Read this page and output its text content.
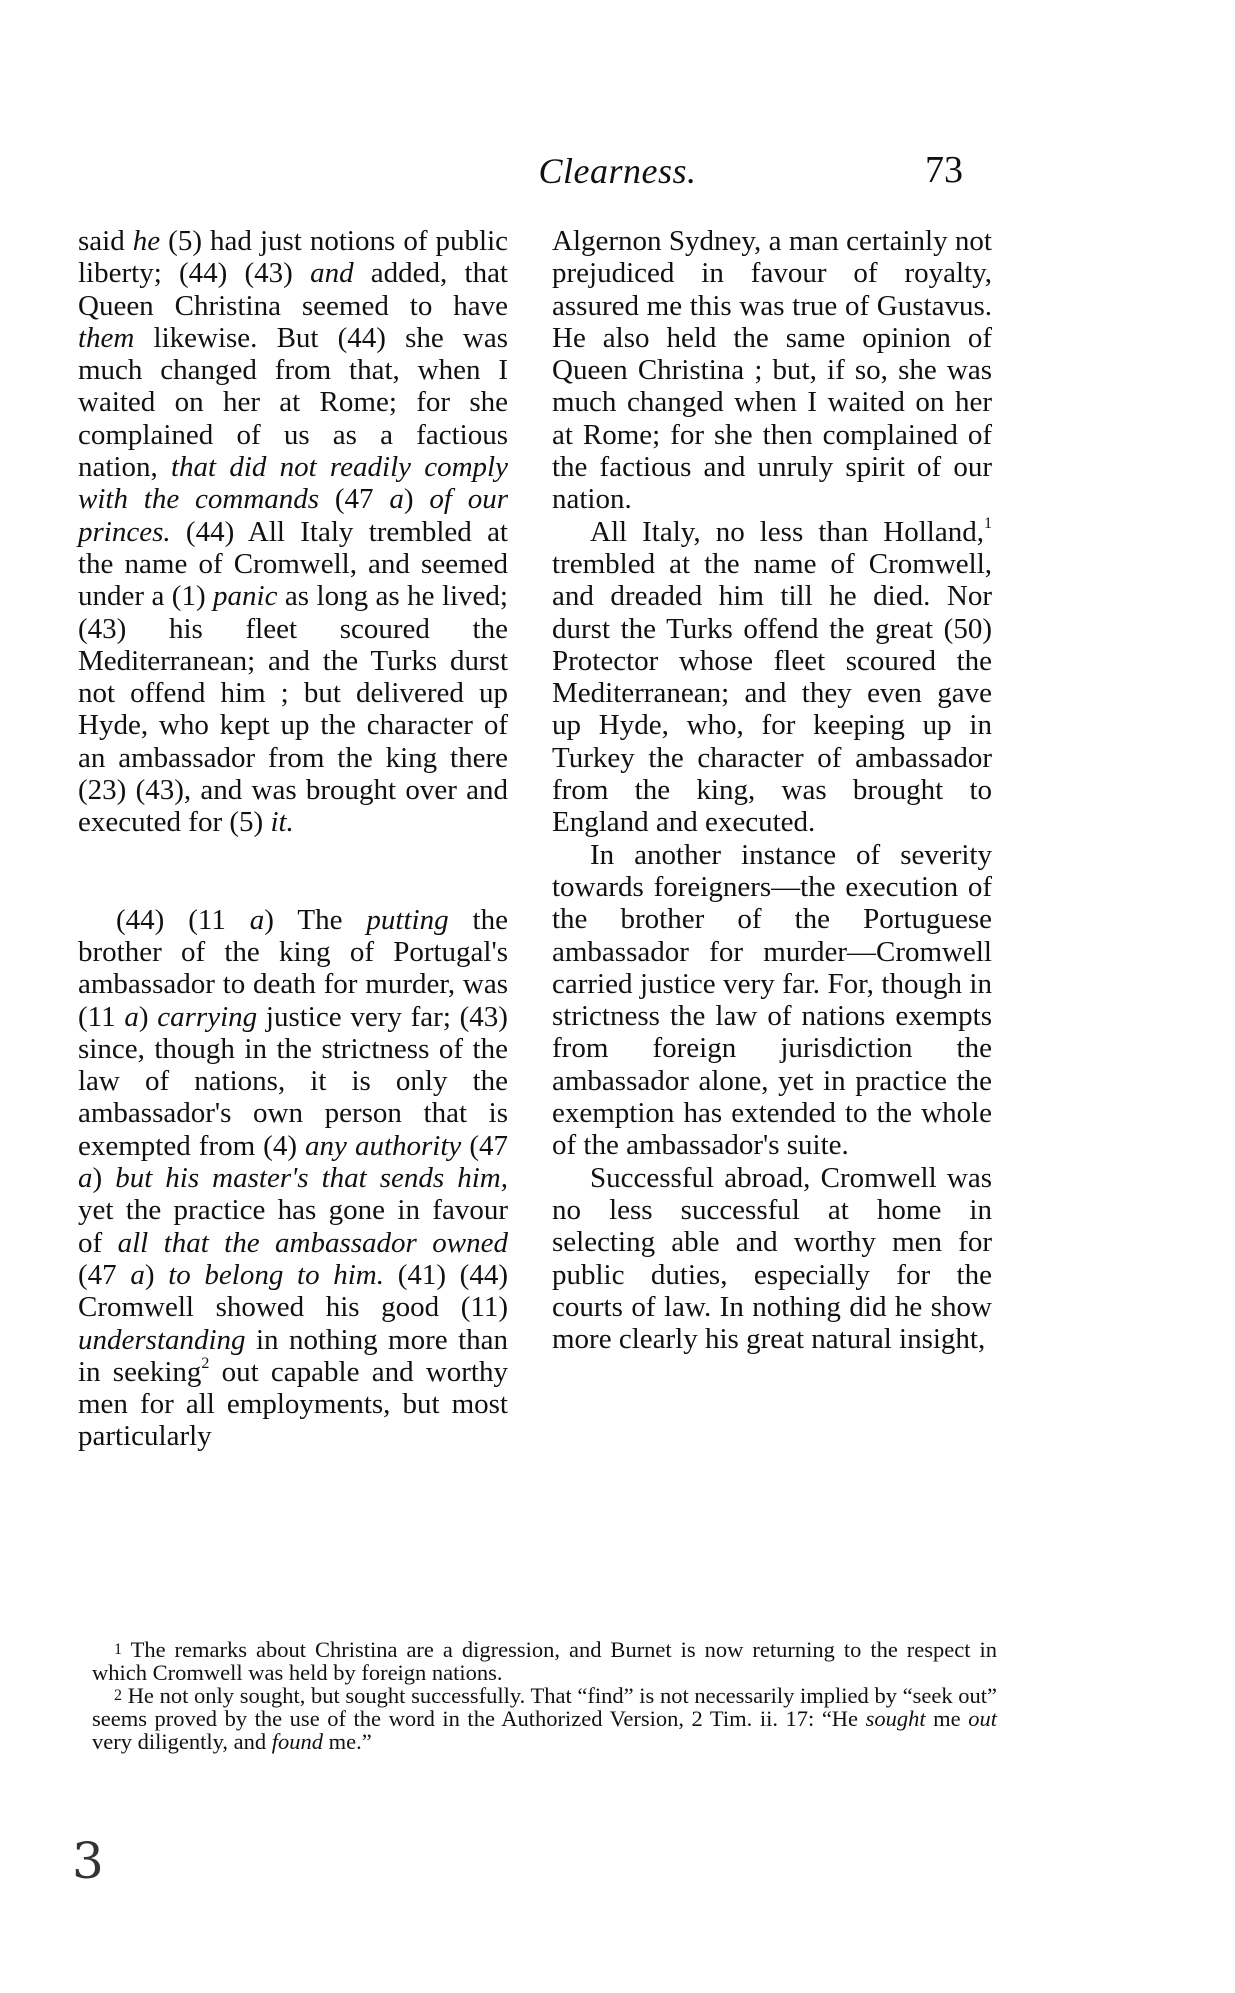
Clearness.	73

said he (5) had just notions of public liberty; (44) (43) and added, that Queen Christina seemed to have them likewise. But (44) she was much changed from that, when I waited on her at Rome; for she complained of us as a factious nation, that did not readily comply with the commands (47 a) of our princes. (44) All Italy trembled at the name of Cromwell, and seemed under a (1) panic as long as he lived; (43) his fleet scoured the Mediterranean; and the Turks durst not offend him ; but delivered up Hyde, who kept up the character of an ambassador from the king there (23) (43), and was brought over and executed for (5) it.

(44) (11 a) The putting the brother of the king of Portugal's ambassador to death for murder, was (11 a) carrying justice very far; (43) since, though in the strictness of the law of nations, it is only the ambassador's own person that is exempted from (4) any authority (47 a) but his master's that sends him, yet the practice has gone in favour of all that the ambassador owned (47 a) to belong to him. (41) (44) Cromwell showed his good (11) understanding in nothing more than in seeking$^2$ out capable and worthy men for all employments, but most particularly

Algernon Sydney, a man certainly not prejudiced in favour of royalty, assured me this was true of Gustavus. He also held the same opinion of Queen Christina ; but, if so, she was much changed when I waited on her at Rome; for she then complained of the factious and unruly spirit of our nation.

All Italy, no less than Holland,$^1$ trembled at the name of Cromwell, and dreaded him till he died. Nor durst the Turks offend the great (50) Protector whose fleet scoured the Mediterranean; and they even gave up Hyde, who, for keeping up in Turkey the character of ambassador from the king, was brought to England and executed.

In another instance of severity towards foreigners—the execution of the brother of the Portuguese ambassador for murder—Cromwell carried justice very far. For, though in strictness the law of nations exempts from foreign jurisdiction the ambassador alone, yet in practice the exemption has extended to the whole of the ambassador's suite.

Successful abroad, Cromwell was no less successful at home in selecting able and worthy men for public duties, especially for the courts of law. In nothing did he show more clearly his great natural insight,

$^1$ The remarks about Christina are a digression, and Burnet is now returning to the respect in which Cromwell was held by foreign nations.

$^2$ He not only sought, but sought successfully. That “find” is not necessarily implied by “seek out” seems proved by the use of the word in the Authorized Version, 2 Tim. ii. 17: “He sought me out very diligently, and found me.”

3
